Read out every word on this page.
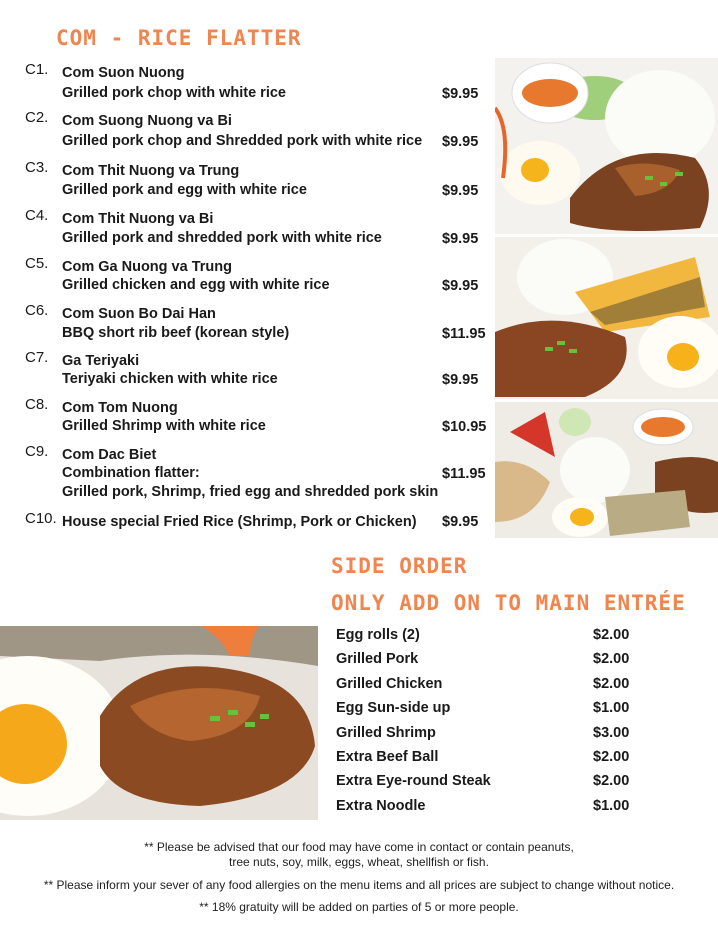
COM - RICE FLATTER
C1. Com Suon Nuong
Grilled pork chop with white rice	$9.95
C2. Com Suong Nuong va Bi
Grilled pork chop and Shredded pork with white rice $9.95
C3. Com Thit Nuong va Trung
Grilled pork and egg with white rice	$9.95
C4. Com Thit Nuong va Bi
Grilled pork and shredded pork with white rice	$9.95
C5. Com Ga Nuong va Trung
Grilled chicken and egg with white rice	$9.95
C6. Com Suon Bo Dai Han
BBQ short rib beef (korean style)	$11.95
C7. Ga Teriyaki
Teriyaki chicken with white rice	$9.95
C8. Com Tom Nuong
Grilled Shrimp with white rice	$10.95
C9. Com Dac Biet
Combination flatter:
Grilled pork, Shrimp, fried egg and shredded pork skin
$11.95
C10. House special Fried Rice (Shrimp, Pork or Chicken) $9.95
SIDE ORDER
ONLY ADD ON TO MAIN ENTRÉE
Egg rolls (2)	$2.00
Grilled Pork	$2.00
Grilled Chicken	$2.00
Egg Sun-side up	$1.00
Grilled Shrimp	$3.00
Extra Beef Ball	$2.00
Extra Eye-round Steak	$2.00
Extra Noodle	$1.00
** Please be advised that our food may have come in contact or contain peanuts,
tree nuts, soy, milk, eggs, wheat, shellfish or fish.
** Please inform your sever of any food allergies on the menu items and all prices are subject to change without notice.
** 18% gratuity will be added on parties of 5 or more people.
